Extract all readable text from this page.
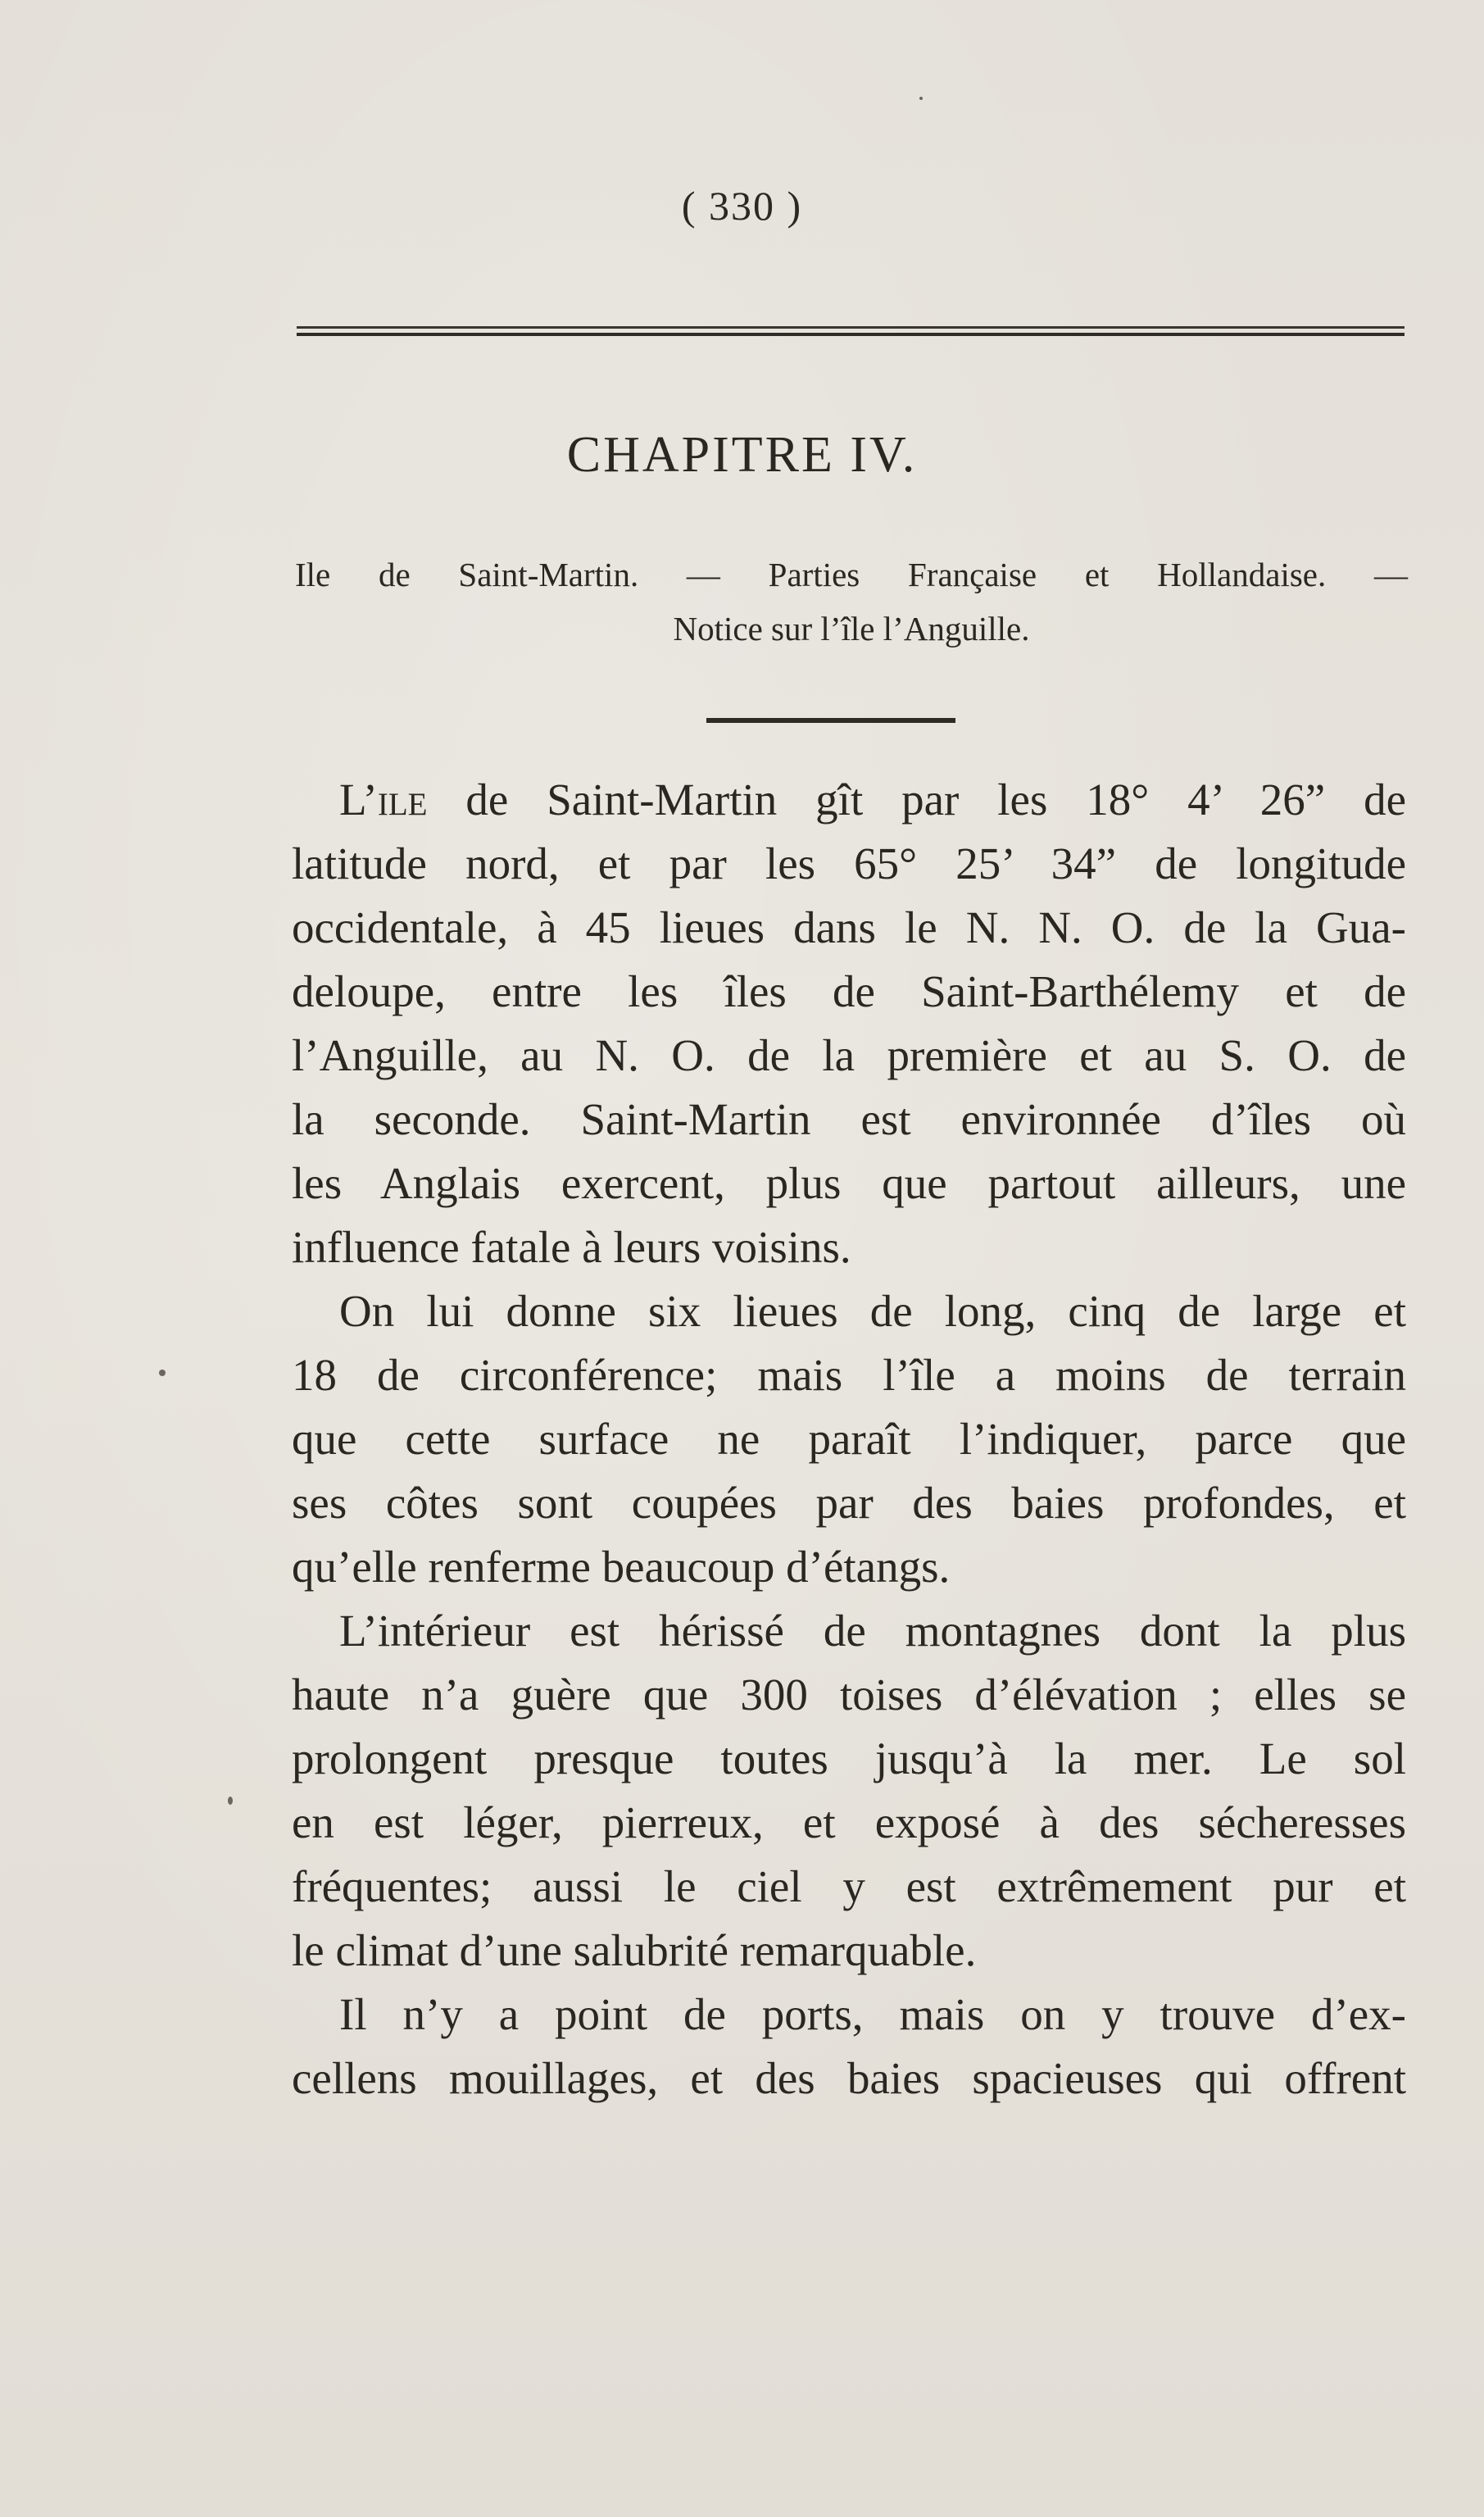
( 330 )
CHAPITRE IV.
Ile de Saint-Martin. — Parties Française et Hollandaise. —
Notice sur l’île l’Anguille.
L’ile de Saint-Martin gît par les 18° 4’ 26” de
latitude nord, et par les 65° 25’ 34” de longitude
occidentale, à 45 lieues dans le N. N. O. de la Gua-
deloupe, entre les îles de Saint-Barthélemy et de
l’Anguille, au N. O. de la première et au S. O. de
la seconde. Saint-Martin est environnée d’îles où
les Anglais exercent, plus que partout ailleurs, une
influence fatale à leurs voisins.
On lui donne six lieues de long, cinq de large et
18 de circonférence; mais l’île a moins de terrain
que cette surface ne paraît l’indiquer, parce que
ses côtes sont coupées par des baies profondes, et
qu’elle renferme beaucoup d’étangs.
L’intérieur est hérissé de montagnes dont la plus
haute n’a guère que 300 toises d’élévation ; elles se
prolongent presque toutes jusqu’à la mer. Le sol
en est léger, pierreux, et exposé à des sécheresses
fréquentes; aussi le ciel y est extrêmement pur et
le climat d’une salubrité remarquable.
Il n’y a point de ports, mais on y trouve d’ex-
cellens mouillages, et des baies spacieuses qui offrent
